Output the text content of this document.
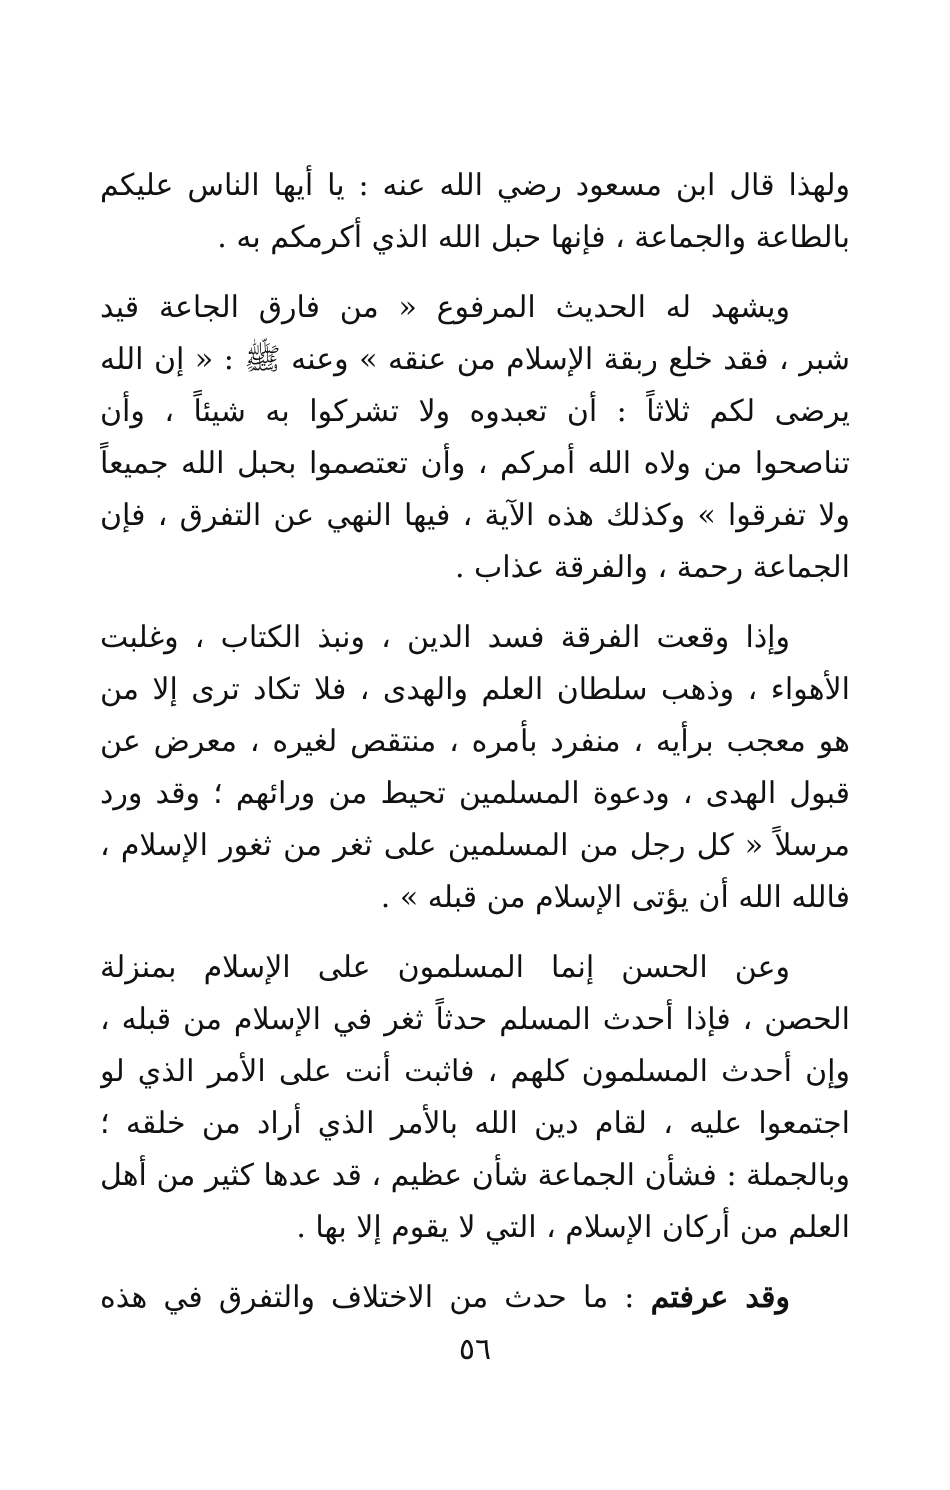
ولهذا قال ابن مسعود رضي الله عنه : يا أيها الناس عليكم
بالطاعة والجماعة ، فإنها حبل الله الذي أكرمكم به .
ويشهد له الحديث المرفوع « من فارق الجاعة قيد
شبر ، فقد خلع ربقة الإسلام من عنقه » وعنه ﷺ : « إن الله
يرضى لكم ثلاثاً : أن تعبدوه ولا تشركوا به شيئاً ، وأن
تناصحوا من ولاه الله أمركم ، وأن تعتصموا بحبل الله جميعاً
ولا تفرقوا » وكذلك هذه الآية ، فيها النهي عن التفرق ، فإن
الجماعة رحمة ، والفرقة عذاب .
وإذا وقعت الفرقة فسد الدين ، ونبذ الكتاب ، وغلبت
الأهواء ، وذهب سلطان العلم والهدى ، فلا تكاد ترى إلا من
هو معجب برأيه ، منفرد بأمره ، منتقص لغيره ، معرض عن
قبول الهدى ، ودعوة المسلمين تحيط من ورائهم ؛ وقد ورد
مرسلاً « كل رجل من المسلمين على ثغر من ثغور الإسلام ،
فالله الله أن يؤتى الإسلام من قبله » .
وعن الحسن إنما المسلمون على الإسلام بمنزلة
الحصن ، فإذا أحدث المسلم حدثاً ثغر في الإسلام من قبله ،
وإن أحدث المسلمون كلهم ، فاثبت أنت على الأمر الذي لو
اجتمعوا عليه ، لقام دين الله بالأمر الذي أراد من خلقه ؛
وبالجملة : فشأن الجماعة شأن عظيم ، قد عدها كثير من أهل
العلم من أركان الإسلام ، التي لا يقوم إلا بها .
وقد عرفتم : ما حدث من الاختلاف والتفرق في هذه
٥٦
